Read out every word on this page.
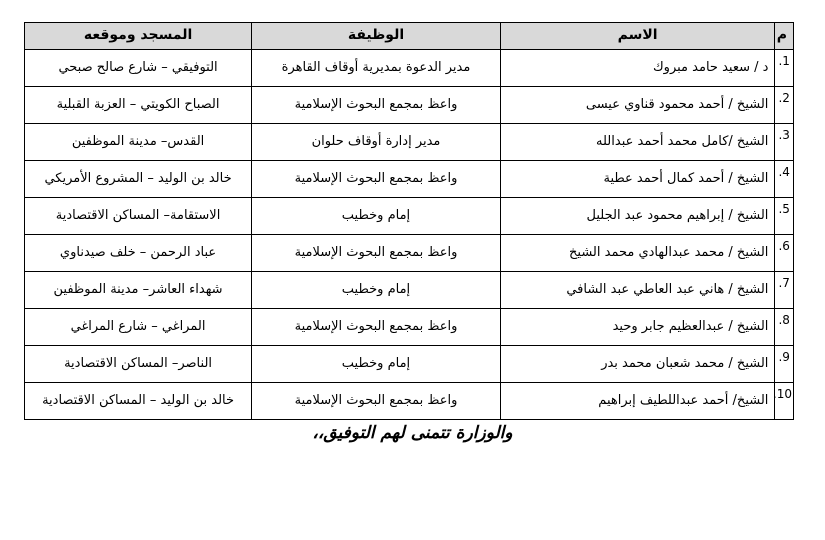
م	الاسم	الوظيفة	المسجد وموقعه
1.	د / سعيد حامد مبروك	مدير الدعوة بمديرية أوقاف القاهرة	التوفيقي – شارع صالح صبحي
2.	الشيخ / أحمد محمود قناوي عيسى	واعظ بمجمع البحوث الإسلامية	الصباح الكويتي – العزبة القبلية
3.	الشيخ /كامل محمد أحمد عبدالله	مدير إدارة أوقاف حلوان	القدس– مدينة الموظفين
4.	الشيخ / أحمد كمال أحمد عطية	واعظ بمجمع البحوث الإسلامية	خالد بن الوليد – المشروع الأمريكي
5.	الشيخ / إبراهيم محمود عبد الجليل	إمام وخطيب	الاستقامة– المساكن الاقتصادية
6.	الشيخ / محمد عبدالهادي محمد الشيخ	واعظ بمجمع البحوث الإسلامية	عباد الرحمن – خلف صيدناوي
7.	الشيخ / هاني عبد العاطي عبد الشافي	إمام وخطيب	شهداء العاشر– مدينة الموظفين
8.	الشيخ / عبدالعظيم جابر وحيد	واعظ بمجمع البحوث الإسلامية	المراغي – شارع المراغي
9.	الشيخ / محمد شعبان محمد بدر	إمام وخطيب	الناصر– المساكن الاقتصادية
10.	الشيخ/ أحمد عبداللطيف إبراهيم	واعظ بمجمع البحوث الإسلامية	خالد بن الوليد – المساكن الاقتصادية
والوزارة تتمنى لهم التوفيق،،
